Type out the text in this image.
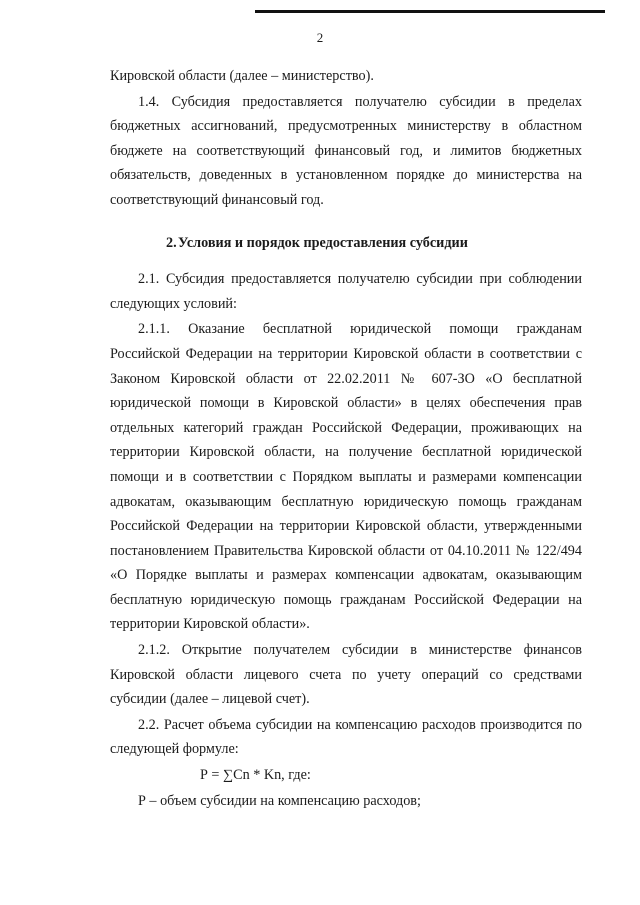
2

Кировской области (далее – министерство).

1.4. Субсидия предоставляется получателю субсидии в пределах бюджетных ассигнований, предусмотренных министерству в областном бюджете на соответствующий финансовый год, и лимитов бюджетных обязательств, доведенных в установленном порядке до министерства на соответствующий финансовый год.

2.Условия и порядок предоставления субсидии

2.1. Субсидия предоставляется получателю субсидии при соблюдении следующих условий:

2.1.1. Оказание бесплатной юридической помощи гражданам Российской Федерации на территории Кировской области в соответствии с Законом Кировской области от 22.02.2011 № 607-ЗО «О бесплатной юридической помощи в Кировской области» в целях обеспечения прав отдельных категорий граждан Российской Федерации, проживающих на территории Кировской области, на получение бесплатной юридической помощи и в соответствии с Порядком выплаты и размерами компенсации адвокатам, оказывающим бесплатную юридическую помощь гражданам Российской Федерации на территории Кировской области, утвержденными постановлением Правительства Кировской области от 04.10.2011 № 122/494 «О Порядке выплаты и размерах компенсации адвокатам, оказывающим бесплатную юридическую помощь гражданам Российской Федерации на территории Кировской области».

2.1.2. Открытие получателем субсидии в министерстве финансов Кировской области лицевого счета по учету операций со средствами субсидии (далее – лицевой счет).

2.2. Расчет объема субсидии на компенсацию расходов производится по следующей формуле:

Р = ∑Cn * Kn, где:

Р – объем субсидии на компенсацию расходов;
